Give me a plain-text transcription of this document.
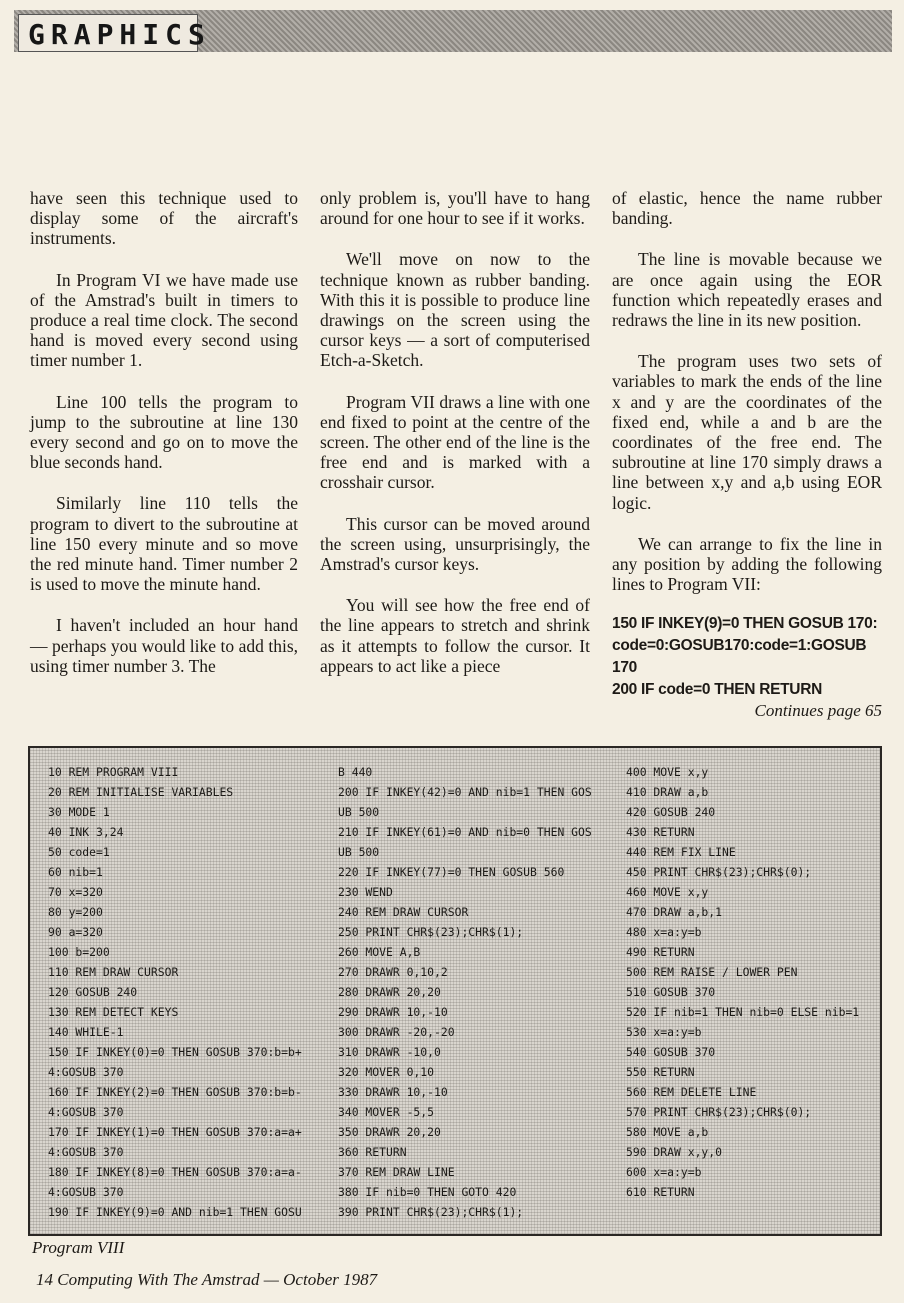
GRAPHICS

have seen this technique used to display some of the aircraft's instruments.

In Program VI we have made use of the Amstrad's built in timers to produce a real time clock. The second hand is moved every second using timer number 1.

Line 100 tells the program to jump to the subroutine at line 130 every second and go on to move the blue seconds hand.

Similarly line 110 tells the program to divert to the subroutine at line 150 every minute and so move the red minute hand. Timer number 2 is used to move the minute hand.

I haven't included an hour hand — perhaps you would like to add this, using timer number 3. The

only problem is, you'll have to hang around for one hour to see if it works.

We'll move on now to the technique known as rubber banding. With this it is possible to produce line drawings on the screen using the cursor keys — a sort of computerised Etch-a-Sketch.

Program VII draws a line with one end fixed to point at the centre of the screen. The other end of the line is the free end and is marked with a crosshair cursor.

This cursor can be moved around the screen using, unsurprisingly, the Amstrad's cursor keys.

You will see how the free end of the line appears to stretch and shrink as it attempts to follow the cursor. It appears to act like a piece

of elastic, hence the name rubber banding.

The line is movable because we are once again using the EOR function which repeatedly erases and redraws the line in its new position.

The program uses two sets of variables to mark the ends of the line x and y are the coordinates of the fixed end, while a and b are the coordinates of the free end. The subroutine at line 170 simply draws a line between x,y and a,b using EOR logic.

We can arrange to fix the line in any position by adding the following lines to Program VII:

150 IF INKEY(9)=0 THEN GOSUB 170:
code=0:GOSUB170:code=1:GOSUB 170
200 IF code=0 THEN RETURN
Continues page 65
10 REM PROGRAM VIII
20 REM INITIALISE VARIABLES
30 MODE 1
40 INK 3,24
50 code=1
60 nib=1
70 x=320
80 y=200
90 a=320
100 b=200
110 REM DRAW CURSOR
120 GOSUB 240
130 REM DETECT KEYS
140 WHILE-1
150 IF INKEY(0)=0 THEN GOSUB 370:b=b+
4:GOSUB 370
160 IF INKEY(2)=0 THEN GOSUB 370:b=b-
4:GOSUB 370
170 IF INKEY(1)=0 THEN GOSUB 370:a=a+
4:GOSUB 370
180 IF INKEY(8)=0 THEN GOSUB 370:a=a-
4:GOSUB 370
190 IF INKEY(9)=0 AND nib=1 THEN GOSU
B 440
200 IF INKEY(42)=0 AND nib=1 THEN GOS
UB 500
210 IF INKEY(61)=0 AND nib=0 THEN GOS
UB 500
220 IF INKEY(77)=0 THEN GOSUB 560
230 WEND
240 REM DRAW CURSOR
250 PRINT CHR$(23);CHR$(1);
260 MOVE A,B
270 DRAWR 0,10,2
280 DRAWR 20,20
290 DRAWR 10,-10
300 DRAWR -20,-20
310 DRAWR -10,0
320 MOVER 0,10
330 DRAWR 10,-10
340 MOVER -5,5
350 DRAWR 20,20
360 RETURN
370 REM DRAW LINE
380 IF nib=0 THEN GOTO 420
390 PRINT CHR$(23);CHR$(1);
400 MOVE x,y
410 DRAW a,b
420 GOSUB 240
430 RETURN
440 REM FIX LINE
450 PRINT CHR$(23);CHR$(0);
460 MOVE x,y
470 DRAW a,b,1
480 x=a:y=b
490 RETURN
500 REM RAISE / LOWER PEN
510 GOSUB 370
520 IF nib=1 THEN nib=0 ELSE nib=1
530 x=a:y=b
540 GOSUB 370
550 RETURN
560 REM DELETE LINE
570 PRINT CHR$(23);CHR$(0);
580 MOVE a,b
590 DRAW x,y,0
600 x=a:y=b
610 RETURN
Program VIII
14 Computing With The Amstrad — October 1987
